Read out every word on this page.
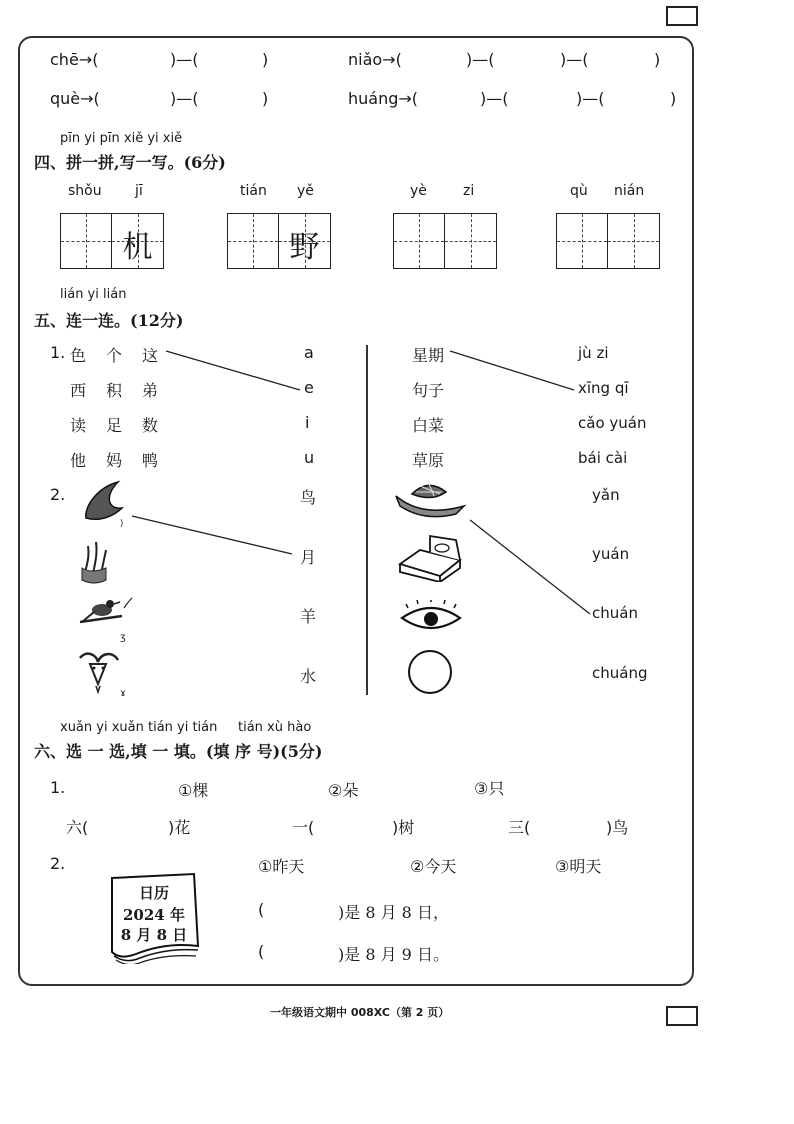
chē→(	)—(	)	niǎo→(	)—(	)—(	)
què→(	)—(	)	huáng→(	)—(	)—(	)
pīn yi pīn xiě yi xiě
四、拼一拼,写一写。(6分)
shǒu jī	tián yě	yè	zi	qù nián
机	野
lián yi lián
五、连一连。(12分)
1. 色 个 这
西 积 弟
读 足 数
他 妈 鸭
a
e
i
u
星期
句子
白菜
草原
jù zi
xīng qī
cǎo yuán
bái cài
2.
⟩
ʒ
ɤ
鸟
月
羊
水
yǎn
yuán
chuán
chuáng
xuǎn yi xuǎn tián yi tián tián xù hào
六、选 一 选,填 一 填。(填 序 号)(5分)
1.	①棵	②朵	③只
六(	)花	一(	)树	三(	)鸟
2.	①昨天	②今天	③明天
日历
2024 年
8 月 8 日
(	)是 8 月 8 日，
(	)是 8 月 9 日。
一年级语文期中 008XC（第 2 页）
